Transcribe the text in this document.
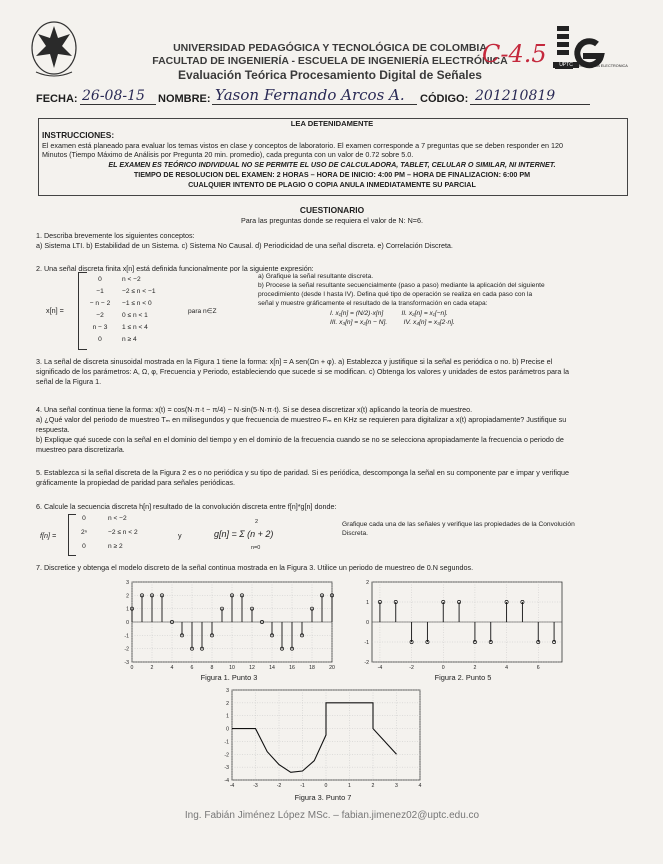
UPTC	INGENIERIA ELECTRONICA
UNIVERSIDAD PEDAGÓGICA Y TECNOLÓGICA DE COLOMBIA
FACULTAD DE INGENIERÍA - ESCUELA DE INGENIERÍA ELECTRÓNICA
Evaluación Teórica Procesamiento Digital de Señales
C-4.5
FECHA: 26-08-15 NOMBRE: Yason Fernando Arcos A. CÓDIGO: 201210819
LEA DETENIDAMENTE
INSTRUCCIONES:
El examen está planeado para evaluar los temas vistos en clase y conceptos de laboratorio. El examen corresponde a 7 preguntas que se deben responder en 120
Minutos (Tiempo Máximo de Análisis por Pregunta 20 min. promedio), cada pregunta con un valor de 0.72 sobre 5.0.
EL EXAMEN ES TEÓRICO INDIVIDUAL NO SE PERMITE EL USO DE CALCULADORA, TABLET, CELULAR O SIMILAR, NI INTERNET.
TIEMPO DE RESOLUCION DEL EXAMEN: 2 HORAS – HORA DE INICIO: 4:00 PM – HORA DE FINALIZACION: 6:00 PM
CUALQUIER INTENTO DE PLAGIO O COPIA ANULA INMEDIATAMENTE SU PARCIAL
CUESTIONARIO
Para las preguntas donde se requiera el valor de N: N=6.
1. Describa brevemente los siguientes conceptos:
a) Sistema LTI. b) Estabilidad de un Sistema. c) Sistema No Causal. d) Periodicidad de una señal discreta. e) Correlación Discreta.
2. Una señal discreta finita x[n] está definida funcionalmente por la siguiente expresión:
x[n] =
0	n < −2
−1	−2 ≤ n < −1
− n − 2	−1 ≤ n < 0
−2	0 ≤ n < 1
n − 3	1 ≤ n < 4
0	n ≥ 4
para n∈Z
a) Grafique la señal resultante discreta.
b) Procese la señal resultante secuencialmente (paso a paso) mediante la aplicación del siguiente
procedimiento (desde I hasta IV). Defina qué tipo de operación se realiza en cada paso con la
señal y muestre gráficamente el resultado de la transformación en cada etapa:
I. x₁[n] = (N/2)·x[n]          II. x₂[n] = x₁[−n].
III. x₃[n] = x₂[n − N].         IV. x₄[n] = x₃[2·n].
3. La señal de discreta sinusoidal mostrada en la Figura 1 tiene la forma: x[n] = A sen(Ωn + φ). a) Establezca y justifique si la señal es periódica o no. b) Precise el
significado de los parámetros: A, Ω, φ, Frecuencia y Periodo, estableciendo que sucede si se modifican. c) Obtenga los valores y unidades de estos parámetros para la
señal de la Figura 1.
4. Una señal continua tiene la forma: x(t) = cos(N·π·t − π/4) − N·sin(5·N·π·t). Si se desea discretizar x(t) aplicando la teoría de muestreo.
a) ¿Qué valor del periodo de muestreo Tₘ en milisegundos y que frecuencia de muestreo Fₘ en KHz se requieren para digitalizar a x(t) apropiadamente? Justifique su
respuesta.
b) Explique qué sucede con la señal en el dominio del tiempo y en el dominio de la frecuencia cuando se no se selecciona apropiadamente la frecuencia o periodo de
muestreo para discretizarla.
5. Establezca si la señal discreta de la Figura 2 es o no periódica y su tipo de paridad. Si es periódica, descomponga la señal en su componente par e impar y verifique
gráficamente la propiedad de paridad para señales periódicas.
6. Calcule la secuencia discreta h[n] resultado de la convolución discreta entre f[n]*g[n] donde:
f[n] =
0	n < −2
2ⁿ	−2 ≤ n < 2
0	n ≥ 2
y	g[n] = Σ (n + 2)
2
n=0
Grafique cada una de las señales y verifique las propiedades de la Convolución
Discreta.
7. Discretice y obtenga el modelo discreto de la señal continua mostrada en la Figura 3. Utilice un periodo de muestreo de 0.N segundos.
3
2
1
0
-1
-2
-3
0	2	4	6	8	10	12	14	16	18	20
Figura 1. Punto 3
2
1
0
-1
-2
-4	-2	0	2	4	6
Figura 2. Punto 5
3
2
1
0
-1
-2
-3
-4
-4	-3	-2	-1	0	1	2	3	4
Figura 3. Punto 7
Ing. Fabián Jiménez López MSc. – fabian.jimenez02@uptc.edu.co
